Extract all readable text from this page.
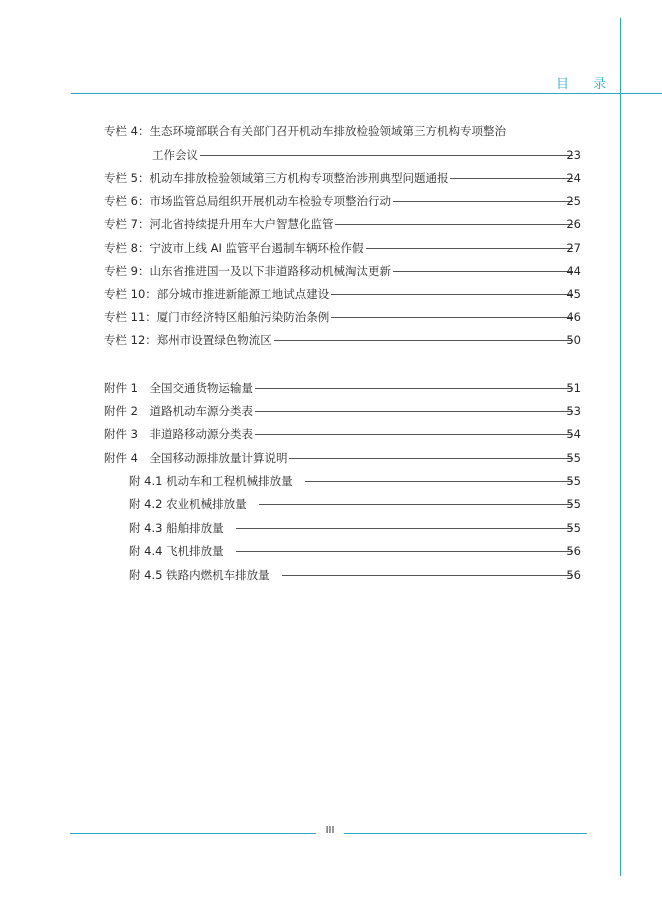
目 录
专栏 4：生态环境部联合有关部门召开机动车排放检验领域第三方机构专项整治
工作会议	23
专栏 5：机动车排放检验领域第三方机构专项整治涉刑典型问题通报	24
专栏 6：市场监管总局组织开展机动车检验专项整治行动	25
专栏 7：河北省持续提升用车大户智慧化监管	26
专栏 8：宁波市上线 AI 监管平台遏制车辆环检作假	27
专栏 9：山东省推进国一及以下非道路移动机械淘汰更新	44
专栏 10：部分城市推进新能源工地试点建设	45
专栏 11：厦门市经济特区船舶污染防治条例	46
专栏 12：郑州市设置绿色物流区	50
附件 1　全国交通货物运输量	51
附件 2　道路机动车源分类表	53
附件 3　非道路移动源分类表	54
附件 4　全国移动源排放量计算说明	55
附 4.1 机动车和工程机械排放量	55
附 4.2 农业机械排放量	55
附 4.3 船舶排放量	55
附 4.4 飞机排放量	56
附 4.5 铁路内燃机车排放量	56
III
